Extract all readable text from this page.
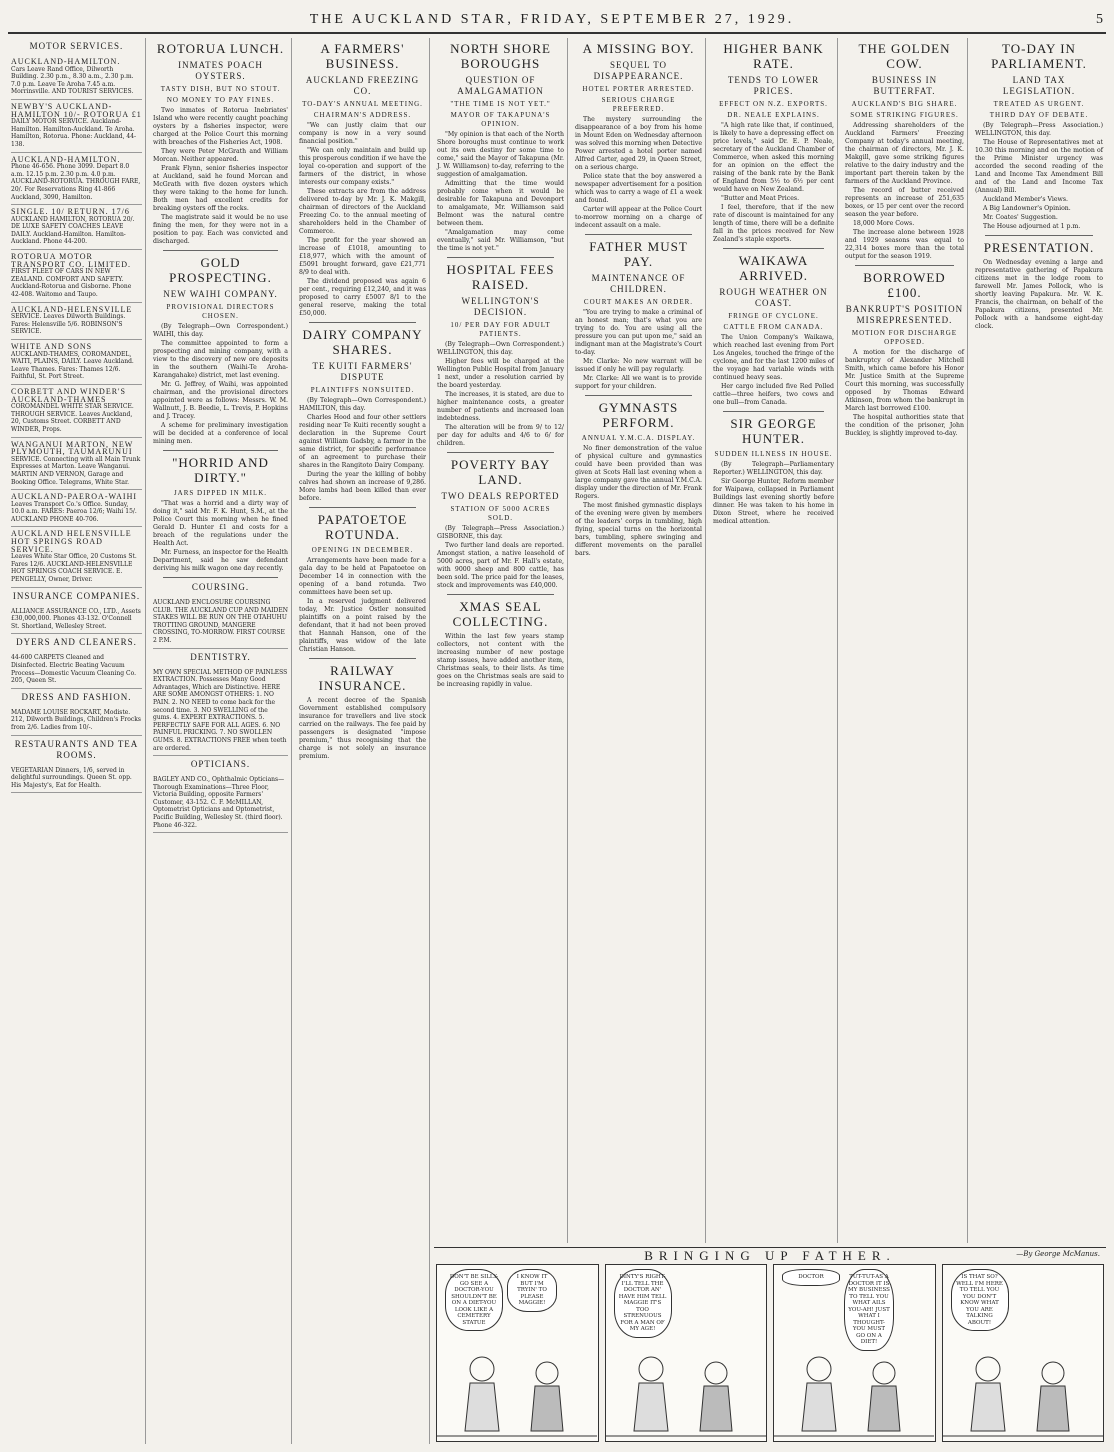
THE AUCKLAND STAR, FRIDAY, SEPTEMBER 27, 1929.	5
MOTOR SERVICES.
AUCKLAND-HAMILTON.
Cars Leave Rand Office, Dilworth Building. 2.30 p.m., 8.30 a.m., 2.30 p.m. 7.0 p.m. Leave Te Aroha 7.45 a.m. Morrinsville. AND TOURIST SERVICES.
NEWBY'S AUCKLAND-HAMILTON 10/- ROTORUA £1
DAILY MOTOR SERVICE. Auckland-Hamilton. Hamilton-Auckland. Te Aroha. Hamilton, Rotorua. Phone: Auckland, 44-138.
AUCKLAND-HAMILTON.
Phone 46-656. Phone 3099. Depart 8.0 a.m. 12.15 p.m. 2.30 p.m. 4.0 p.m. AUCKLAND-ROTORUA. THROUGH FARE, 20/. For Reservations Ring 41-866 Auckland, 3090, Hamilton.
SINGLE. 10/ RETURN. 17/6
AUCKLAND HAMILTON, ROTORUA 20/. DE LUXE SAFETY COACHES LEAVE DAILY. Auckland-Hamilton. Hamilton-Auckland. Phone 44-200.
ROTORUA MOTOR TRANSPORT CO. LIMITED.
FIRST FLEET OF CARS IN NEW ZEALAND. COMFORT AND SAFETY. Auckland-Rotorua and Gisborne. Phone 42-408. Waitomo and Taupo.
AUCKLAND-HELENSVILLE
SERVICE. Leaves Dilworth Buildings. Fares: Helensville 5/6. ROBINSON'S SERVICE.
WHITE AND SONS
AUCKLAND-THAMES, COROMANDEL, WAITI, PLAINS, DAILY. Leave Auckland. Leave Thames. Fares: Thames 12/6. Faithful, St. Port Street.
CORBETT AND WINDER'S AUCKLAND-THAMES
COROMANDEL WHITE STAR SERVICE. THROUGH SERVICE. Leaves Auckland, 20, Customs Street. CORBETT AND WINDER, Props.
WANGANUI MARTON, NEW PLYMOUTH, TAUMARUNUI
SERVICE. Connecting with all Main Trunk Expresses at Marton. Leave Wanganui. MARTIN AND VERNON, Garage and Booking Office. Telegrams, White Star.
AUCKLAND-PAEROA-WAIHI
Leaves Transport Co.'s Office. Sunday, 10.0 a.m. FARES: Paeroa 12/6; Waihi 15/. AUCKLAND PHONE 40-706.
AUCKLAND HELENSVILLE HOT SPRINGS ROAD SERVICE.
Leaves White Star Office, 20 Customs St. Fares 12/6. AUCKLAND-HELENSVILLE HOT SPRINGS COACH SERVICE. E. PENGELLY, Owner, Driver.
INSURANCE COMPANIES.
ALLIANCE ASSURANCE CO., LTD., Assets £30,000,000. Phones 43-132. O'Connell St. Shortland, Wellesley Street.
DYERS AND CLEANERS.
44-600 CARPETS Cleaned and Disinfected. Electric Beating Vacuum Process—Domestic Vacuum Cleaning Co. 205, Queen St.
DRESS AND FASHION.
MADAME LOUISE ROCKART, Modiste. 212, Dilworth Buildings, Children's Frocks from 2/6. Ladies from 10/-.
RESTAURANTS AND TEA ROOMS.
VEGETARIAN Dinners, 1/6, served in delightful surroundings. Queen St. opp. His Majesty's, Eat for Health.
ROTORUA LUNCH.
INMATES POACH OYSTERS.
TASTY DISH, BUT NO STOUT.
NO MONEY TO PAY FINES.

Two inmates of Rotorua Inebriates' Island who were recently caught poaching oysters by a fisheries inspector, were charged at the Police Court this morning with breaches of the Fisheries Act, 1908.

They were Peter McGrath and William Morcan. Neither appeared.

Frank Flynn, senior fisheries inspector at Auckland, said he found Morcan and McGrath with five dozen oysters which they were taking to the home for lunch. Both men had excellent credits for breaking oysters off the rocks.

The magistrate said it would be no use fining the men, for they were not in a position to pay. Each was convicted and discharged.

GOLD PROSPECTING.
NEW WAIHI COMPANY.
PROVISIONAL DIRECTORS CHOSEN.

(By Telegraph—Own Correspondent.) WAIHI, this day.

The committee appointed to form a prospecting and mining company, with a view to the discovery of new ore deposits in the southern (Waihi-Te Aroha-Karangahake) district, met last evening.

Mr. G. Jeffrey, of Waihi, was appointed chairman, and the provisional directors appointed were as follows: Messrs. W. M. Wallnutt, J. B. Beedie, L. Trevis, P. Hopkins and J. Tracey.

A scheme for preliminary investigation will be decided at a conference of local mining men.

"HORRID AND DIRTY."
JARS DIPPED IN MILK.

"That was a horrid and a dirty way of doing it," said Mr. F. K. Hunt, S.M., at the Police Court this morning when he fined Gerald D. Hunter £1 and costs for a breach of the regulations under the Health Act.

Mr. Furness, an inspector for the Health Department, said he saw defendant deriving his milk wagon one day recently.

COURSING.
AUCKLAND ENCLOSURE COURSING CLUB. THE AUCKLAND CUP AND MAIDEN STAKES WILL BE RUN ON THE OTAHUHU TROTTING GROUND, MANGERE CROSSING, TO-MORROW. FIRST COURSE 2 P.M.
DENTISTRY.
MY OWN SPECIAL METHOD OF PAINLESS EXTRACTION. Possesses Many Good Advantages, Which are Distinctive. HERE ARE SOME AMONGST OTHERS: 1. NO PAIN. 2. NO NEED to come back for the second time. 3. NO SWELLING of the gums. 4. EXPERT EXTRACTIONS. 5. PERFECTLY SAFE FOR ALL AGES. 6. NO PAINFUL PRICKING. 7. NO SWOLLEN GUMS. 8. EXTRACTIONS FREE when teeth are ordered.
OPTICIANS.
BAGLEY AND CO., Ophthalmic Opticians—Thorough Examinations—Three Floor, Victoria Building, opposite Farmers' Customer, 43-152. C. F. McMILLAN, Optometrist Opticians and Optometrist, Pacific Building, Wellesley St. (third floor). Phone 46-322.
A FARMERS' BUSINESS.
AUCKLAND FREEZING CO.
TO-DAY'S ANNUAL MEETING.
CHAIRMAN'S ADDRESS.

"We can justly claim that our company is now in a very sound financial position."

"We can only maintain and build up this prosperous condition if we have the loyal co-operation and support of the farmers of the district, in whose interests our company exists."

These extracts are from the address delivered to-day by Mr. J. K. Makgill, chairman of directors of the Auckland Freezing Co. to the annual meeting of shareholders held in the Chamber of Commerce.

The profit for the year showed an increase of £1018, amounting to £18,977, which with the amount of £5091 brought forward, gave £21,771 8/9 to deal with.

The dividend proposed was again 6 per cent., requiring £12,240, and it was proposed to carry £5007 8/1 to the general reserve, making the total £50,000.

DAIRY COMPANY SHARES.
TE KUITI FARMERS' DISPUTE
PLAINTIFFS NONSUITED.

(By Telegraph—Own Correspondent.) HAMILTON, this day.

Charles Hood and four other settlers residing near Te Kuiti recently sought a declaration in the Supreme Court against William Gadsby, a farmer in the same district, for specific performance of an agreement to purchase their shares in the Rangitoto Dairy Company.

During the year the killing of bobby calves had shown an increase of 9,286. More lambs had been killed than ever before.

PAPATOETOE ROTUNDA.
OPENING IN DECEMBER.

Arrangements have been made for a gala day to be held at Papatoetoe on December 14 in connection with the opening of a band rotunda. Two committees have been set up.

In a reserved judgment delivered today, Mr. Justice Ostler nonsuited plaintiffs on a point raised by the defendant, that it had not been proved that Hannah Hanson, one of the plaintiffs, was widow of the late Christian Hanson.

RAILWAY INSURANCE.

A recent decree of the Spanish Government established compulsory insurance for travellers and live stock carried on the railways. The fee paid by passengers is designated "impose premium," thus recognising that the charge is not solely an insurance premium.

NORTH SHORE BOROUGHS
QUESTION OF AMALGAMATION
"THE TIME IS NOT YET."
MAYOR OF TAKAPUNA'S OPINION.

"My opinion is that each of the North Shore boroughs must continue to work out its own destiny for some time to come," said the Mayor of Takapuna (Mr. J. W. Williamson) to-day, referring to the suggestion of amalgamation.

Admitting that the time would probably come when it would be desirable for Takapuna and Devonport to amalgamate, Mr. Williamson said Belmont was the natural centre between them.

"Amalgamation may come eventually," said Mr. Williamson, "but the time is not yet."

HOSPITAL FEES RAISED.
WELLINGTON'S DECISION.
10/ PER DAY FOR ADULT PATIENTS.

(By Telegraph—Own Correspondent.) WELLINGTON, this day.

Higher fees will be charged at the Wellington Public Hospital from January 1 next, under a resolution carried by the board yesterday.

The increases, it is stated, are due to higher maintenance costs, a greater number of patients and increased loan indebtedness.

The alteration will be from 9/ to 12/ per day for adults and 4/6 to 6/ for children.

POVERTY BAY LAND.
TWO DEALS REPORTED
STATION OF 5000 ACRES SOLD.

(By Telegraph—Press Association.) GISBORNE, this day.

Two further land deals are reported. Amongst station, a native leasehold of 5000 acres, part of Mr. F. Hall's estate, with 9000 sheep and 800 cattle, has been sold. The price paid for the leases, stock and improvements was £40,000.

XMAS SEAL COLLECTING.

Within the last few years stamp collectors, not content with the increasing number of new postage stamp issues, have added another item, Christmas seals, to their lists. As time goes on the Christmas seals are said to be increasing rapidly in value.

A MISSING BOY.
SEQUEL TO DISAPPEARANCE.
HOTEL PORTER ARRESTED.
SERIOUS CHARGE PREFERRED.

The mystery surrounding the disappearance of a boy from his home in Mount Eden on Wednesday afternoon was solved this morning when Detective Power arrested a hotel porter named Alfred Carter, aged 29, in Queen Street, on a serious charge.

Police state that the boy answered a newspaper advertisement for a position which was to carry a wage of £1 a week and found.

Carter will appear at the Police Court to-morrow morning on a charge of indecent assault on a male.

FATHER MUST PAY.
MAINTENANCE OF CHILDREN.
COURT MAKES AN ORDER.

"You are trying to make a criminal of an honest man; that's what you are trying to do. You are using all the pressure you can put upon me," said an indignant man at the Magistrate's Court to-day.

Mr. Clarke: No new warrant will be issued if only he will pay regularly.

Mr. Clarke: All we want is to provide support for your children.

GYMNASTS PERFORM.
ANNUAL Y.M.C.A. DISPLAY.

No finer demonstration of the value of physical culture and gymnastics could have been provided than was given at Scots Hall last evening when a large company gave the annual Y.M.C.A. display under the direction of Mr. Frank Rogers.

The most finished gymnastic displays of the evening were given by members of the leaders' corps in tumbling, high flying, special turns on the horizontal bars, tumbling, sphere swinging and different movements on the parallel bars.

HIGHER BANK RATE.
TENDS TO LOWER PRICES.
EFFECT ON N.Z. EXPORTS.
DR. NEALE EXPLAINS.

"A high rate like that, if continued, is likely to have a depressing effect on price levels," said Dr. E. P. Neale, secretary of the Auckland Chamber of Commerce, when asked this morning for an opinion on the effect the raising of the bank rate by the Bank of England from 5½ to 6½ per cent would have on New Zealand.

"Butter and Meat Prices.

I feel, therefore, that if the new rate of discount is maintained for any length of time, there will be a definite fall in the prices received for New Zealand's staple exports.

WAIKAWA ARRIVED.
ROUGH WEATHER ON COAST.
FRINGE OF CYCLONE.
CATTLE FROM CANADA.

The Union Company's Waikawa, which reached last evening from Port Los Angeles, touched the fringe of the cyclone, and for the last 1200 miles of the voyage had variable winds with continued heavy seas.

Her cargo included five Red Polled cattle—three heifers, two cows and one bull—from Canada.

SIR GEORGE HUNTER.
SUDDEN ILLNESS IN HOUSE.

(By Telegraph—Parliamentary Reporter.) WELLINGTON, this day.

Sir George Hunter, Reform member for Waipawa, collapsed in Parliament Buildings last evening shortly before dinner. He was taken to his home in Dixon Street, where he received medical attention.

THE GOLDEN COW.
BUSINESS IN BUTTERFAT.
AUCKLAND'S BIG SHARE.
SOME STRIKING FIGURES.

Addressing shareholders of the Auckland Farmers' Freezing Company at today's annual meeting, the chairman of directors, Mr. J. K. Makgill, gave some striking figures relative to the dairy industry and the important part therein taken by the farmers of the Auckland Province.

The record of butter received represents an increase of 251,635 boxes, or 15 per cent over the record season the year before.

18,000 More Cows.

The increase alone between 1928 and 1929 seasons was equal to 22,314 boxes more than the total output for the season 1919.

BORROWED £100.
BANKRUPT'S POSITION MISREPRESENTED.
MOTION FOR DISCHARGE OPPOSED.

A motion for the discharge of bankruptcy of Alexander Mitchell Smith, which came before his Honor Mr. Justice Smith at the Supreme Court this morning, was successfully opposed by Thomas Edward Atkinson, from whom the bankrupt in March last borrowed £100.

The hospital authorities state that the condition of the prisoner, John Buckley, is slightly improved to-day.

TO-DAY IN PARLIAMENT.
LAND TAX LEGISLATION.
TREATED AS URGENT.
THIRD DAY OF DEBATE.

(By Telegraph—Press Association.) WELLINGTON, this day.

The House of Representatives met at 10.30 this morning and on the motion of the Prime Minister urgency was accorded the second reading of the Land and Income Tax Amendment Bill and of the Land and Income Tax (Annual) Bill.

Auckland Member's Views.

A Big Landowner's Opinion.

Mr. Coates' Suggestion.

The House adjourned at 1 p.m.

PRESENTATION.

On Wednesday evening a large and representative gathering of Papakura citizens met in the lodge room to farewell Mr. James Pollock, who is shortly leaving Papakura. Mr. W. K. Francis, the chairman, on behalf of the Papakura citizens, presented Mr. Pollock with a handsome eight-day clock.

BRINGING UP FATHER.	—By George McManus.
DON'T BE SILLY-GO SEE A DOCTOR-YOU SHOULDN'T BE ON A DIET-YOU LOOK LIKE A CEMETERY STATUE
I KNOW IT BUT I'M TRYIN' TO PLEASE MAGGIE!
DINTY'S RIGHT-I'LL TELL THE DOCTOR AN' HAVE HIM TELL MAGGIE IT'S TOO STRENUOUS FOR A MAN OF MY AGE!
DOCTOR	TUT-TUT-AS A DOCTOR IT IS MY BUSINESS TO TELL YOU WHAT AILS YOU-AH! JUST WHAT I THOUGHT-YOU MUST GO ON A DIET!
IS THAT SO? WELL I'M HERE TO TELL YOU YOU DON'T KNOW WHAT YOU ARE TALKING ABOUT!
